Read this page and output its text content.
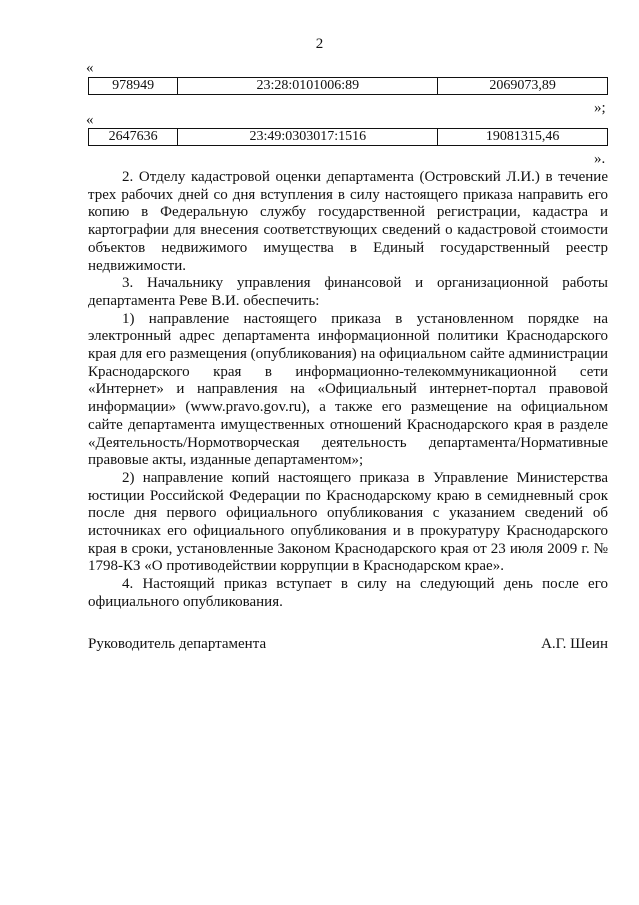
2
«
978949	23:28:0101006:89	2069073,89
»;
«
2647636	23:49:0303017:1516	19081315,46
».

2. Отделу кадастровой оценки департамента (Островский Л.И.) в течение трех рабочих дней со дня вступления в силу настоящего приказа направить его копию в Федеральную службу государственной регистрации, кадастра и картографии для внесения соответствующих сведений о кадастровой стоимости объектов недвижимого имущества в Единый государственный реестр недвижимости.

3. Начальнику управления финансовой и организационной работы департамента Реве В.И. обеспечить:

1) направление настоящего приказа в установленном порядке на электронный адрес департамента информационной политики Краснодарского края для его размещения (опубликования) на официальном сайте администрации Краснодарского края в информационно-телекоммуникационной сети «Интернет» и направления на «Официальный интернет-портал правовой информации» (www.pravo.gov.ru), а также его размещение на официальном сайте департамента имущественных отношений Краснодарского края в разделе «Деятельность/Нормотворческая деятельность департамента/Нормативные правовые акты, изданные департаментом»;

2) направление копий настоящего приказа в Управление Министерства юстиции Российской Федерации по Краснодарскому краю в семидневный срок после дня первого официального опубликования с указанием сведений об источниках его официального опубликования и в прокуратуру Краснодарского края в сроки, установленные Законом Краснодарского края от 23 июля 2009 г. № 1798-КЗ «О противодействии коррупции в Краснодарском крае».

4. Настоящий приказ вступает в силу на следующий день после его официального опубликования.

Руководитель департамента	А.Г. Шеин
